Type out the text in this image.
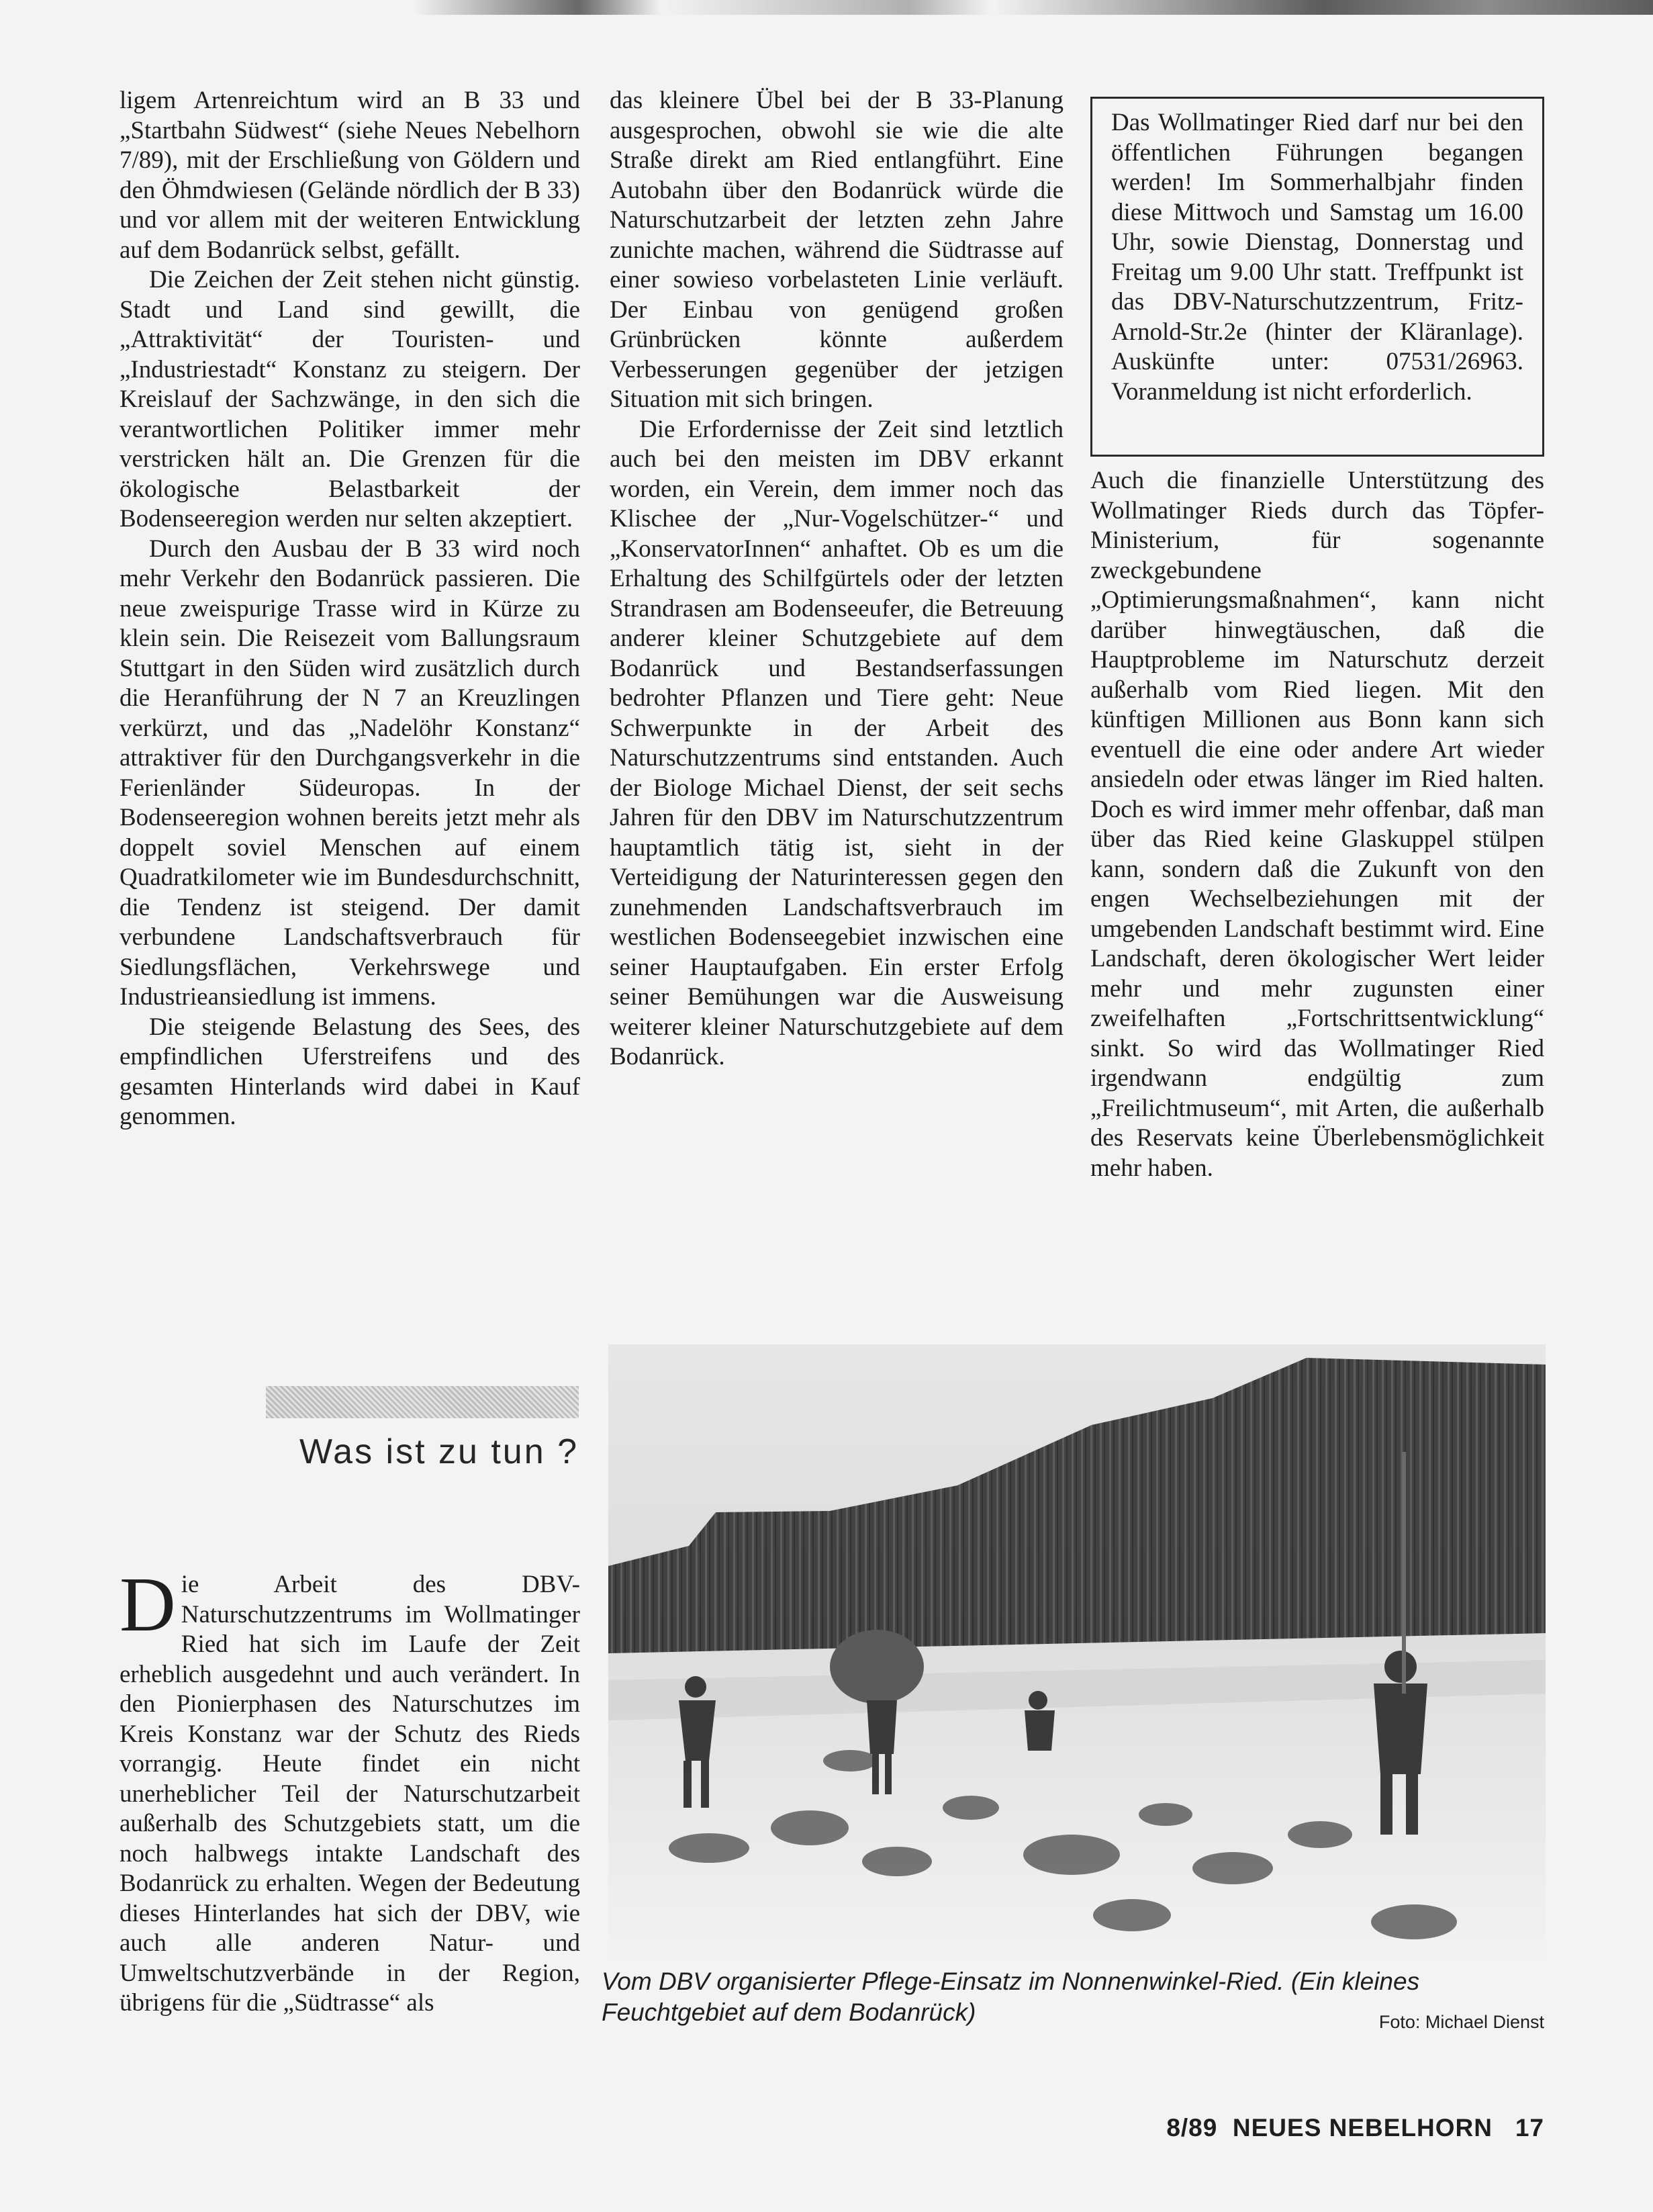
ligem Artenreichtum wird an B 33 und „Startbahn Südwest“ (siehe Neues Nebelhorn 7/89), mit der Erschließung von Göldern und den Öhmdwiesen (Gelände nördlich der B 33) und vor allem mit der weiteren Entwicklung auf dem Bodanrück selbst, gefällt.

Die Zeichen der Zeit stehen nicht günstig. Stadt und Land sind gewillt, die „Attraktivität“ der Touristen- und „Industriestadt“ Konstanz zu steigern. Der Kreislauf der Sachzwänge, in den sich die verantwortlichen Politiker immer mehr verstricken hält an. Die Grenzen für die ökologische Belastbarkeit der Bodenseeregion werden nur selten akzeptiert.

Durch den Ausbau der B 33 wird noch mehr Verkehr den Bodanrück passieren. Die neue zweispurige Trasse wird in Kürze zu klein sein. Die Reisezeit vom Ballungsraum Stuttgart in den Süden wird zusätzlich durch die Heranführung der N 7 an Kreuzlingen verkürzt, und das „Nadelöhr Konstanz“ attraktiver für den Durchgangsverkehr in die Ferienländer Südeuropas. In der Bodenseeregion wohnen bereits jetzt mehr als doppelt soviel Menschen auf einem Quadratkilometer wie im Bundesdurchschnitt, die Tendenz ist steigend. Der damit verbundene Landschaftsverbrauch für Siedlungsflächen, Verkehrswege und Industrieansiedlung ist immens.

Die steigende Belastung des Sees, des empfindlichen Uferstreifens und des gesamten Hinterlands wird dabei in Kauf genommen.

das kleinere Übel bei der B 33-Planung ausgesprochen, obwohl sie wie die alte Straße direkt am Ried entlangführt. Eine Autobahn über den Bodanrück würde die Naturschutzarbeit der letzten zehn Jahre zunichte machen, während die Südtrasse auf einer sowieso vorbelasteten Linie verläuft. Der Einbau von genügend großen Grünbrücken könnte außerdem Verbesserungen gegenüber der jetzigen Situation mit sich bringen.

Die Erfordernisse der Zeit sind letztlich auch bei den meisten im DBV erkannt worden, ein Verein, dem immer noch das Klischee der „Nur-Vogelschützer-“ und „KonservatorInnen“ anhaftet. Ob es um die Erhaltung des Schilfgürtels oder der letzten Strandrasen am Bodenseeufer, die Betreuung anderer kleiner Schutzgebiete auf dem Bodanrück und Bestandserfassungen bedrohter Pflanzen und Tiere geht: Neue Schwerpunkte in der Arbeit des Naturschutzzentrums sind entstanden. Auch der Biologe Michael Dienst, der seit sechs Jahren für den DBV im Naturschutzzentrum hauptamtlich tätig ist, sieht in der Verteidigung der Naturinteressen gegen den zunehmenden Landschaftsverbrauch im westlichen Bodenseegebiet inzwischen eine seiner Hauptaufgaben. Ein erster Erfolg seiner Bemühungen war die Ausweisung weiterer kleiner Naturschutzgebiete auf dem Bodanrück.

Das Wollmatinger Ried darf nur bei den öffentlichen Führungen begangen werden! Im Sommerhalbjahr finden diese Mittwoch und Samstag um 16.00 Uhr, sowie Dienstag, Donnerstag und Freitag um 9.00 Uhr statt. Treffpunkt ist das DBV-Naturschutzzentrum, Fritz-Arnold-Str.2e (hinter der Kläranlage). Auskünfte unter: 07531/26963. Voranmeldung ist nicht erforderlich.

Auch die finanzielle Unterstützung des Wollmatinger Rieds durch das Töpfer-Ministerium, für sogenannte zweckgebundene „Optimierungsmaßnahmen“, kann nicht darüber hinwegtäuschen, daß die Hauptprobleme im Naturschutz derzeit außerhalb vom Ried liegen. Mit den künftigen Millionen aus Bonn kann sich eventuell die eine oder andere Art wieder ansiedeln oder etwas länger im Ried halten. Doch es wird immer mehr offenbar, daß man über das Ried keine Glaskuppel stülpen kann, sondern daß die Zukunft von den engen Wechselbeziehungen mit der umgebenden Landschaft bestimmt wird. Eine Landschaft, deren ökologischer Wert leider mehr und mehr zugunsten einer zweifelhaften „Fortschrittsentwicklung“ sinkt. So wird das Wollmatinger Ried irgendwann endgültig zum „Freilichtmuseum“, mit Arten, die außerhalb des Reservats keine Überlebensmöglichkeit mehr haben.

Was ist zu tun ?

Die Arbeit des DBV-Naturschutzzentrums im Wollmatinger Ried hat sich im Laufe der Zeit erheblich ausgedehnt und auch verändert. In den Pionierphasen des Naturschutzes im Kreis Konstanz war der Schutz des Rieds vorrangig. Heute findet ein nicht unerheblicher Teil der Naturschutzarbeit außerhalb des Schutzgebiets statt, um die noch halbwegs intakte Landschaft des Bodanrück zu erhalten. Wegen der Bedeutung dieses Hinterlandes hat sich der DBV, wie auch alle anderen Natur- und Umweltschutzverbände in der Region, übrigens für die „Südtrasse“ als

Vom DBV organisierter Pflege-Einsatz im Nonnenwinkel-Ried. (Ein kleines Feuchtgebiet auf dem Bodanrück)	Foto: Michael Dienst
8/89 NEUES NEBELHORN 17
